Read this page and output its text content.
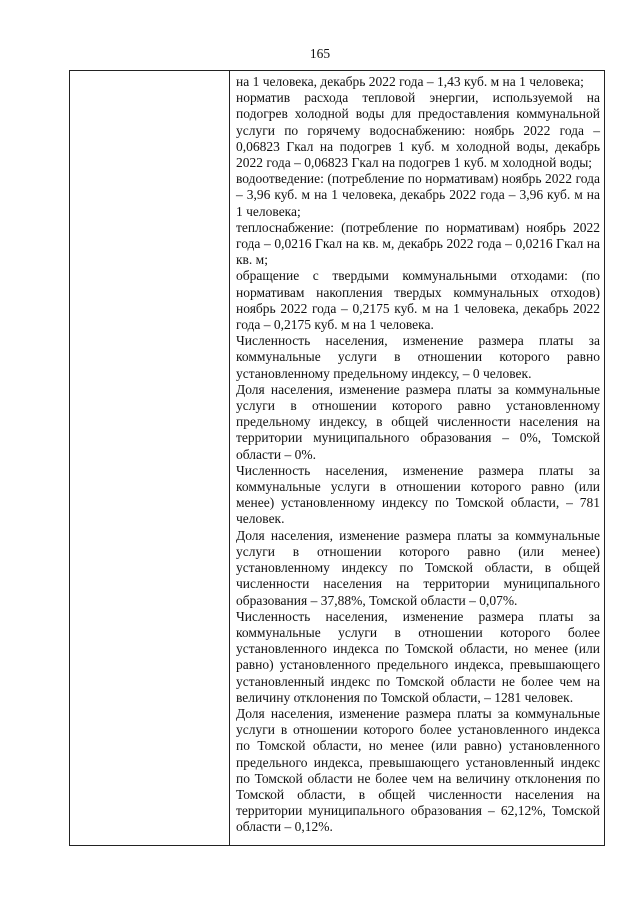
165

на 1 человека, декабрь 2022 года – 1,43 куб. м на 1 человека;

норматив расхода тепловой энергии, используемой на подогрев холодной воды для предоставления коммунальной услуги по горячему водоснабжению: ноябрь 2022 года – 0,06823 Гкал на подогрев 1 куб. м холодной воды, декабрь 2022 года – 0,06823 Гкал на подогрев 1 куб. м холодной воды;

водоотведение: (потребление по нормативам) ноябрь 2022 года – 3,96 куб. м на 1 человека, декабрь 2022 года – 3,96 куб. м на 1 человека;

теплоснабжение: (потребление по нормативам) ноябрь 2022 года – 0,0216 Гкал на кв. м, декабрь 2022 года – 0,0216 Гкал на кв. м;

обращение с твердыми коммунальными отходами: (по нормативам накопления твердых коммунальных отходов) ноябрь 2022 года – 0,2175 куб. м на 1 человека, декабрь 2022 года – 0,2175 куб. м на 1 человека.

Численность населения, изменение размера платы за коммунальные услуги в отношении которого равно установленному предельному индексу, – 0 человек.

Доля населения, изменение размера платы за коммунальные услуги в отношении которого равно установленному предельному индексу, в общей численности населения на территории муниципального образования – 0%, Томской области – 0%.

Численность населения, изменение размера платы за коммунальные услуги в отношении которого равно (или менее) установленному индексу по Томской области, – 781 человек.

Доля населения, изменение размера платы за коммунальные услуги в отношении которого равно (или менее) установленному индексу по Томской области, в общей численности населения на территории муниципального образования – 37,88%, Томской области – 0,07%.

Численность населения, изменение размера платы за коммунальные услуги в отношении которого более установленного индекса по Томской области, но менее (или равно) установленного предельного индекса, превышающего установленный индекс по Томской области не более чем на величину отклонения по Томской области, – 1281 человек.

Доля населения, изменение размера платы за коммунальные услуги в отношении которого более установленного индекса по Томской области, но менее (или равно) установленного предельного индекса, превышающего установленный индекс по Томской области не более чем на величину отклонения по Томской области, в общей численности населения на территории муниципального образования – 62,12%, Томской области – 0,12%.
